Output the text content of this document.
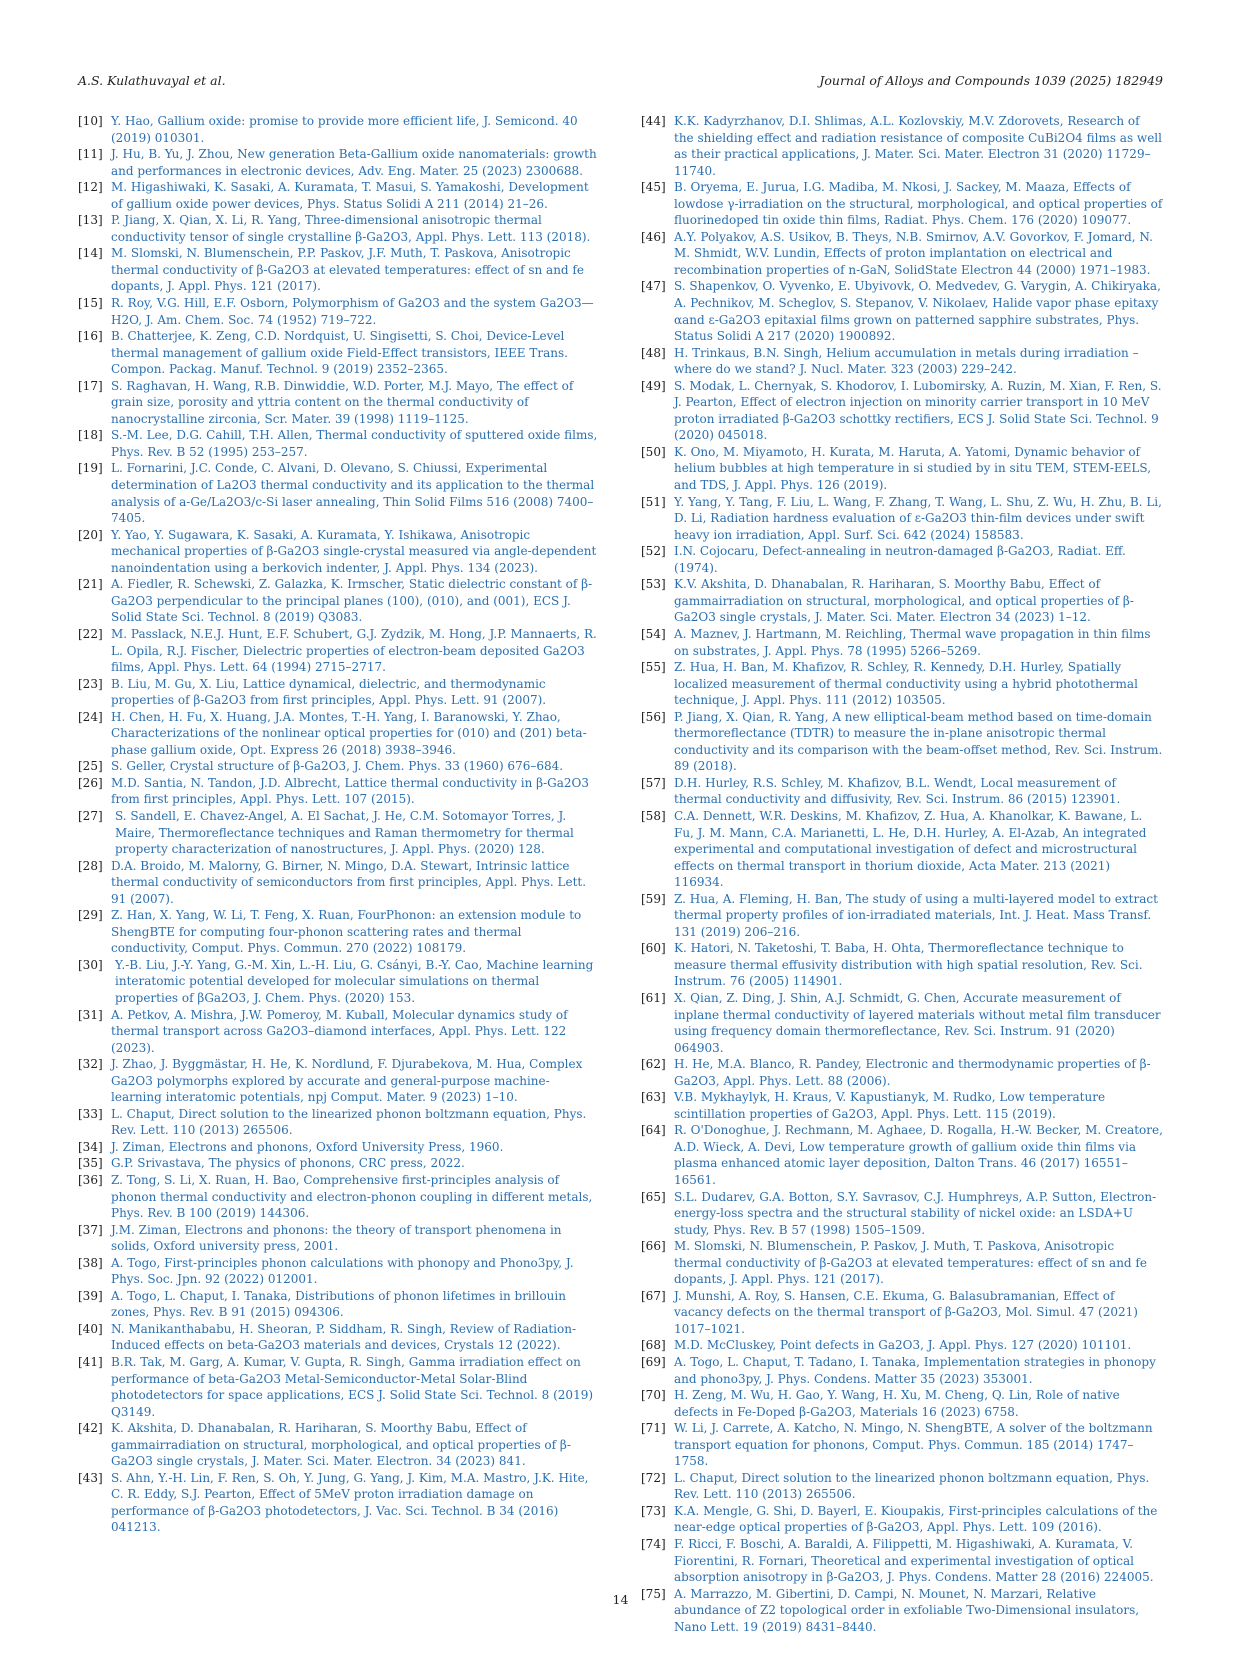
A.S. Kulathuvayal et al.	Journal of Alloys and Compounds 1039 (2025) 182949
[10] Y. Hao, Gallium oxide: promise to provide more efficient life, J. Semicond. 40 (2019) 010301.
[11] J. Hu, B. Yu, J. Zhou, New generation Beta-Gallium oxide nanomaterials: growth and performances in electronic devices, Adv. Eng. Mater. 25 (2023) 2300688.
[12] M. Higashiwaki, K. Sasaki, A. Kuramata, T. Masui, S. Yamakoshi, Development of gallium oxide power devices, Phys. Status Solidi A 211 (2014) 21–26.
[13] P. Jiang, X. Qian, X. Li, R. Yang, Three-dimensional anisotropic thermal conductivity tensor of single crystalline β-Ga2O3, Appl. Phys. Lett. 113 (2018).
[14] M. Slomski, N. Blumenschein, P.P. Paskov, J.F. Muth, T. Paskova, Anisotropic thermal conductivity of β-Ga2O3 at elevated temperatures: effect of sn and fe dopants, J. Appl. Phys. 121 (2017).
[15] R. Roy, V.G. Hill, E.F. Osborn, Polymorphism of Ga2O3 and the system Ga2O3—H2O, J. Am. Chem. Soc. 74 (1952) 719–722.
[16] B. Chatterjee, K. Zeng, C.D. Nordquist, U. Singisetti, S. Choi, Device-Level thermal management of gallium oxide Field-Effect transistors, IEEE Trans. Compon. Packag. Manuf. Technol. 9 (2019) 2352–2365.
[17] S. Raghavan, H. Wang, R.B. Dinwiddie, W.D. Porter, M.J. Mayo, The effect of grain size, porosity and yttria content on the thermal conductivity of nanocrystalline zirconia, Scr. Mater. 39 (1998) 1119–1125.
[18] S.-M. Lee, D.G. Cahill, T.H. Allen, Thermal conductivity of sputtered oxide films, Phys. Rev. B 52 (1995) 253–257.
[19] L. Fornarini, J.C. Conde, C. Alvani, D. Olevano, S. Chiussi, Experimental determination of La2O3 thermal conductivity and its application to the thermal analysis of a-Ge/La2O3/c-Si laser annealing, Thin Solid Films 516 (2008) 7400–7405.
[20] Y. Yao, Y. Sugawara, K. Sasaki, A. Kuramata, Y. Ishikawa, Anisotropic mechanical properties of β-Ga2O3 single-crystal measured via angle-dependent nanoindentation using a berkovich indenter, J. Appl. Phys. 134 (2023).
[21] A. Fiedler, R. Schewski, Z. Galazka, K. Irmscher, Static dielectric constant of β-Ga2O3 perpendicular to the principal planes (100), (010), and (001), ECS J. Solid State Sci. Technol. 8 (2019) Q3083.
[22] M. Passlack, N.E.J. Hunt, E.F. Schubert, G.J. Zydzik, M. Hong, J.P. Mannaerts, R. L. Opila, R.J. Fischer, Dielectric properties of electron-beam deposited Ga2O3 films, Appl. Phys. Lett. 64 (1994) 2715–2717.
[23] B. Liu, M. Gu, X. Liu, Lattice dynamical, dielectric, and thermodynamic properties of β-Ga2O3 from first principles, Appl. Phys. Lett. 91 (2007).
[24] H. Chen, H. Fu, X. Huang, J.A. Montes, T.-H. Yang, I. Baranowski, Y. Zhao, Characterizations of the nonlinear optical properties for (010) and (2̄01) beta-phase gallium oxide, Opt. Express 26 (2018) 3938–3946.
[25] S. Geller, Crystal structure of β-Ga2O3, J. Chem. Phys. 33 (1960) 676–684.
[26] M.D. Santia, N. Tandon, J.D. Albrecht, Lattice thermal conductivity in β-Ga2O3 from first principles, Appl. Phys. Lett. 107 (2015).
[27] S. Sandell, E. Chavez-Angel, A. El Sachat, J. He, C.M. Sotomayor Torres, J. Maire, Thermoreflectance techniques and Raman thermometry for thermal property characterization of nanostructures, J. Appl. Phys. (2020) 128.
[28] D.A. Broido, M. Malorny, G. Birner, N. Mingo, D.A. Stewart, Intrinsic lattice thermal conductivity of semiconductors from first principles, Appl. Phys. Lett. 91 (2007).
[29] Z. Han, X. Yang, W. Li, T. Feng, X. Ruan, FourPhonon: an extension module to ShengBTE for computing four-phonon scattering rates and thermal conductivity, Comput. Phys. Commun. 270 (2022) 108179.
[30] Y.-B. Liu, J.-Y. Yang, G.-M. Xin, L.-H. Liu, G. Csányi, B.-Y. Cao, Machine learning interatomic potential developed for molecular simulations on thermal properties of βGa2O3, J. Chem. Phys. (2020) 153.
[31] A. Petkov, A. Mishra, J.W. Pomeroy, M. Kuball, Molecular dynamics study of thermal transport across Ga2O3–diamond interfaces, Appl. Phys. Lett. 122 (2023).
[32] J. Zhao, J. Byggmästar, H. He, K. Nordlund, F. Djurabekova, M. Hua, Complex Ga2O3 polymorphs explored by accurate and general-purpose machine-learning interatomic potentials, npj Comput. Mater. 9 (2023) 1–10.
[33] L. Chaput, Direct solution to the linearized phonon boltzmann equation, Phys. Rev. Lett. 110 (2013) 265506.
[34] J. Ziman, Electrons and phonons, Oxford University Press, 1960.
[35] G.P. Srivastava, The physics of phonons, CRC press, 2022.
[36] Z. Tong, S. Li, X. Ruan, H. Bao, Comprehensive first-principles analysis of phonon thermal conductivity and electron-phonon coupling in different metals, Phys. Rev. B 100 (2019) 144306.
[37] J.M. Ziman, Electrons and phonons: the theory of transport phenomena in solids, Oxford university press, 2001.
[38] A. Togo, First-principles phonon calculations with phonopy and Phono3py, J. Phys. Soc. Jpn. 92 (2022) 012001.
[39] A. Togo, L. Chaput, I. Tanaka, Distributions of phonon lifetimes in brillouin zones, Phys. Rev. B 91 (2015) 094306.
[40] N. Manikanthababu, H. Sheoran, P. Siddham, R. Singh, Review of Radiation-Induced effects on beta-Ga2O3 materials and devices, Crystals 12 (2022).
[41] B.R. Tak, M. Garg, A. Kumar, V. Gupta, R. Singh, Gamma irradiation effect on performance of beta-Ga2O3 Metal-Semiconductor-Metal Solar-Blind photodetectors for space applications, ECS J. Solid State Sci. Technol. 8 (2019) Q3149.
[42] K. Akshita, D. Dhanabalan, R. Hariharan, S. Moorthy Babu, Effect of gammairradiation on structural, morphological, and optical properties of β-Ga2O3 single crystals, J. Mater. Sci. Mater. Electron. 34 (2023) 841.
[43] S. Ahn, Y.-H. Lin, F. Ren, S. Oh, Y. Jung, G. Yang, J. Kim, M.A. Mastro, J.K. Hite, C. R. Eddy, S.J. Pearton, Effect of 5MeV proton irradiation damage on performance of β-Ga2O3 photodetectors, J. Vac. Sci. Technol. B 34 (2016) 041213.
[44] K.K. Kadyrzhanov, D.I. Shlimas, A.L. Kozlovskiy, M.V. Zdorovets, Research of the shielding effect and radiation resistance of composite CuBi2O4 films as well as their practical applications, J. Mater. Sci. Mater. Electron 31 (2020) 11729–11740.
[45] B. Oryema, E. Jurua, I.G. Madiba, M. Nkosi, J. Sackey, M. Maaza, Effects of lowdose γ-irradiation on the structural, morphological, and optical properties of fluorinedoped tin oxide thin films, Radiat. Phys. Chem. 176 (2020) 109077.
[46] A.Y. Polyakov, A.S. Usikov, B. Theys, N.B. Smirnov, A.V. Govorkov, F. Jomard, N. M. Shmidt, W.V. Lundin, Effects of proton implantation on electrical and recombination properties of n-GaN, SolidState Electron 44 (2000) 1971–1983.
[47] S. Shapenkov, O. Vyvenko, E. Ubyivovk, O. Medvedev, G. Varygin, A. Chikiryaka, A. Pechnikov, M. Scheglov, S. Stepanov, V. Nikolaev, Halide vapor phase epitaxy αand ε-Ga2O3 epitaxial films grown on patterned sapphire substrates, Phys. Status Solidi A 217 (2020) 1900892.
[48] H. Trinkaus, B.N. Singh, Helium accumulation in metals during irradiation – where do we stand? J. Nucl. Mater. 323 (2003) 229–242.
[49] S. Modak, L. Chernyak, S. Khodorov, I. Lubomirsky, A. Ruzin, M. Xian, F. Ren, S. J. Pearton, Effect of electron injection on minority carrier transport in 10 MeV proton irradiated β-Ga2O3 schottky rectifiers, ECS J. Solid State Sci. Technol. 9 (2020) 045018.
[50] K. Ono, M. Miyamoto, H. Kurata, M. Haruta, A. Yatomi, Dynamic behavior of helium bubbles at high temperature in si studied by in situ TEM, STEM-EELS, and TDS, J. Appl. Phys. 126 (2019).
[51] Y. Yang, Y. Tang, F. Liu, L. Wang, F. Zhang, T. Wang, L. Shu, Z. Wu, H. Zhu, B. Li, D. Li, Radiation hardness evaluation of ε-Ga2O3 thin-film devices under swift heavy ion irradiation, Appl. Surf. Sci. 642 (2024) 158583.
[52] I.N. Cojocaru, Defect-annealing in neutron-damaged β-Ga2O3, Radiat. Eff. (1974).
[53] K.V. Akshita, D. Dhanabalan, R. Hariharan, S. Moorthy Babu, Effect of gammairradiation on structural, morphological, and optical properties of β-Ga2O3 single crystals, J. Mater. Sci. Mater. Electron 34 (2023) 1–12.
[54] A. Maznev, J. Hartmann, M. Reichling, Thermal wave propagation in thin films on substrates, J. Appl. Phys. 78 (1995) 5266–5269.
[55] Z. Hua, H. Ban, M. Khafizov, R. Schley, R. Kennedy, D.H. Hurley, Spatially localized measurement of thermal conductivity using a hybrid photothermal technique, J. Appl. Phys. 111 (2012) 103505.
[56] P. Jiang, X. Qian, R. Yang, A new elliptical-beam method based on time-domain thermoreflectance (TDTR) to measure the in-plane anisotropic thermal conductivity and its comparison with the beam-offset method, Rev. Sci. Instrum. 89 (2018).
[57] D.H. Hurley, R.S. Schley, M. Khafizov, B.L. Wendt, Local measurement of thermal conductivity and diffusivity, Rev. Sci. Instrum. 86 (2015) 123901.
[58] C.A. Dennett, W.R. Deskins, M. Khafizov, Z. Hua, A. Khanolkar, K. Bawane, L. Fu, J. M. Mann, C.A. Marianetti, L. He, D.H. Hurley, A. El-Azab, An integrated experimental and computational investigation of defect and microstructural effects on thermal transport in thorium dioxide, Acta Mater. 213 (2021) 116934.
[59] Z. Hua, A. Fleming, H. Ban, The study of using a multi-layered model to extract thermal property profiles of ion-irradiated materials, Int. J. Heat. Mass Transf. 131 (2019) 206–216.
[60] K. Hatori, N. Taketoshi, T. Baba, H. Ohta, Thermoreflectance technique to measure thermal effusivity distribution with high spatial resolution, Rev. Sci. Instrum. 76 (2005) 114901.
[61] X. Qian, Z. Ding, J. Shin, A.J. Schmidt, G. Chen, Accurate measurement of inplane thermal conductivity of layered materials without metal film transducer using frequency domain thermoreflectance, Rev. Sci. Instrum. 91 (2020) 064903.
[62] H. He, M.A. Blanco, R. Pandey, Electronic and thermodynamic properties of β-Ga2O3, Appl. Phys. Lett. 88 (2006).
[63] V.B. Mykhaylyk, H. Kraus, V. Kapustianyk, M. Rudko, Low temperature scintillation properties of Ga2O3, Appl. Phys. Lett. 115 (2019).
[64] R. O'Donoghue, J. Rechmann, M. Aghaee, D. Rogalla, H.-W. Becker, M. Creatore, A.D. Wieck, A. Devi, Low temperature growth of gallium oxide thin films via plasma enhanced atomic layer deposition, Dalton Trans. 46 (2017) 16551–16561.
[65] S.L. Dudarev, G.A. Botton, S.Y. Savrasov, C.J. Humphreys, A.P. Sutton, Electron-energy-loss spectra and the structural stability of nickel oxide: an LSDA+U study, Phys. Rev. B 57 (1998) 1505–1509.
[66] M. Slomski, N. Blumenschein, P. Paskov, J. Muth, T. Paskova, Anisotropic thermal conductivity of β-Ga2O3 at elevated temperatures: effect of sn and fe dopants, J. Appl. Phys. 121 (2017).
[67] J. Munshi, A. Roy, S. Hansen, C.E. Ekuma, G. Balasubramanian, Effect of vacancy defects on the thermal transport of β-Ga2O3, Mol. Simul. 47 (2021) 1017–1021.
[68] M.D. McCluskey, Point defects in Ga2O3, J. Appl. Phys. 127 (2020) 101101.
[69] A. Togo, L. Chaput, T. Tadano, I. Tanaka, Implementation strategies in phonopy and phono3py, J. Phys. Condens. Matter 35 (2023) 353001.
[70] H. Zeng, M. Wu, H. Gao, Y. Wang, H. Xu, M. Cheng, Q. Lin, Role of native defects in Fe-Doped β-Ga2O3, Materials 16 (2023) 6758.
[71] W. Li, J. Carrete, A. Katcho, N. Mingo, N. ShengBTE, A solver of the boltzmann transport equation for phonons, Comput. Phys. Commun. 185 (2014) 1747–1758.
[72] L. Chaput, Direct solution to the linearized phonon boltzmann equation, Phys. Rev. Lett. 110 (2013) 265506.
[73] K.A. Mengle, G. Shi, D. Bayerl, E. Kioupakis, First-principles calculations of the near-edge optical properties of β-Ga2O3, Appl. Phys. Lett. 109 (2016).
[74] F. Ricci, F. Boschi, A. Baraldi, A. Filippetti, M. Higashiwaki, A. Kuramata, V. Fiorentini, R. Fornari, Theoretical and experimental investigation of optical absorption anisotropy in β-Ga2O3, J. Phys. Condens. Matter 28 (2016) 224005.
[75] A. Marrazzo, M. Gibertini, D. Campi, N. Mounet, N. Marzari, Relative abundance of Z2 topological order in exfoliable Two-Dimensional insulators, Nano Lett. 19 (2019) 8431–8440.
14
